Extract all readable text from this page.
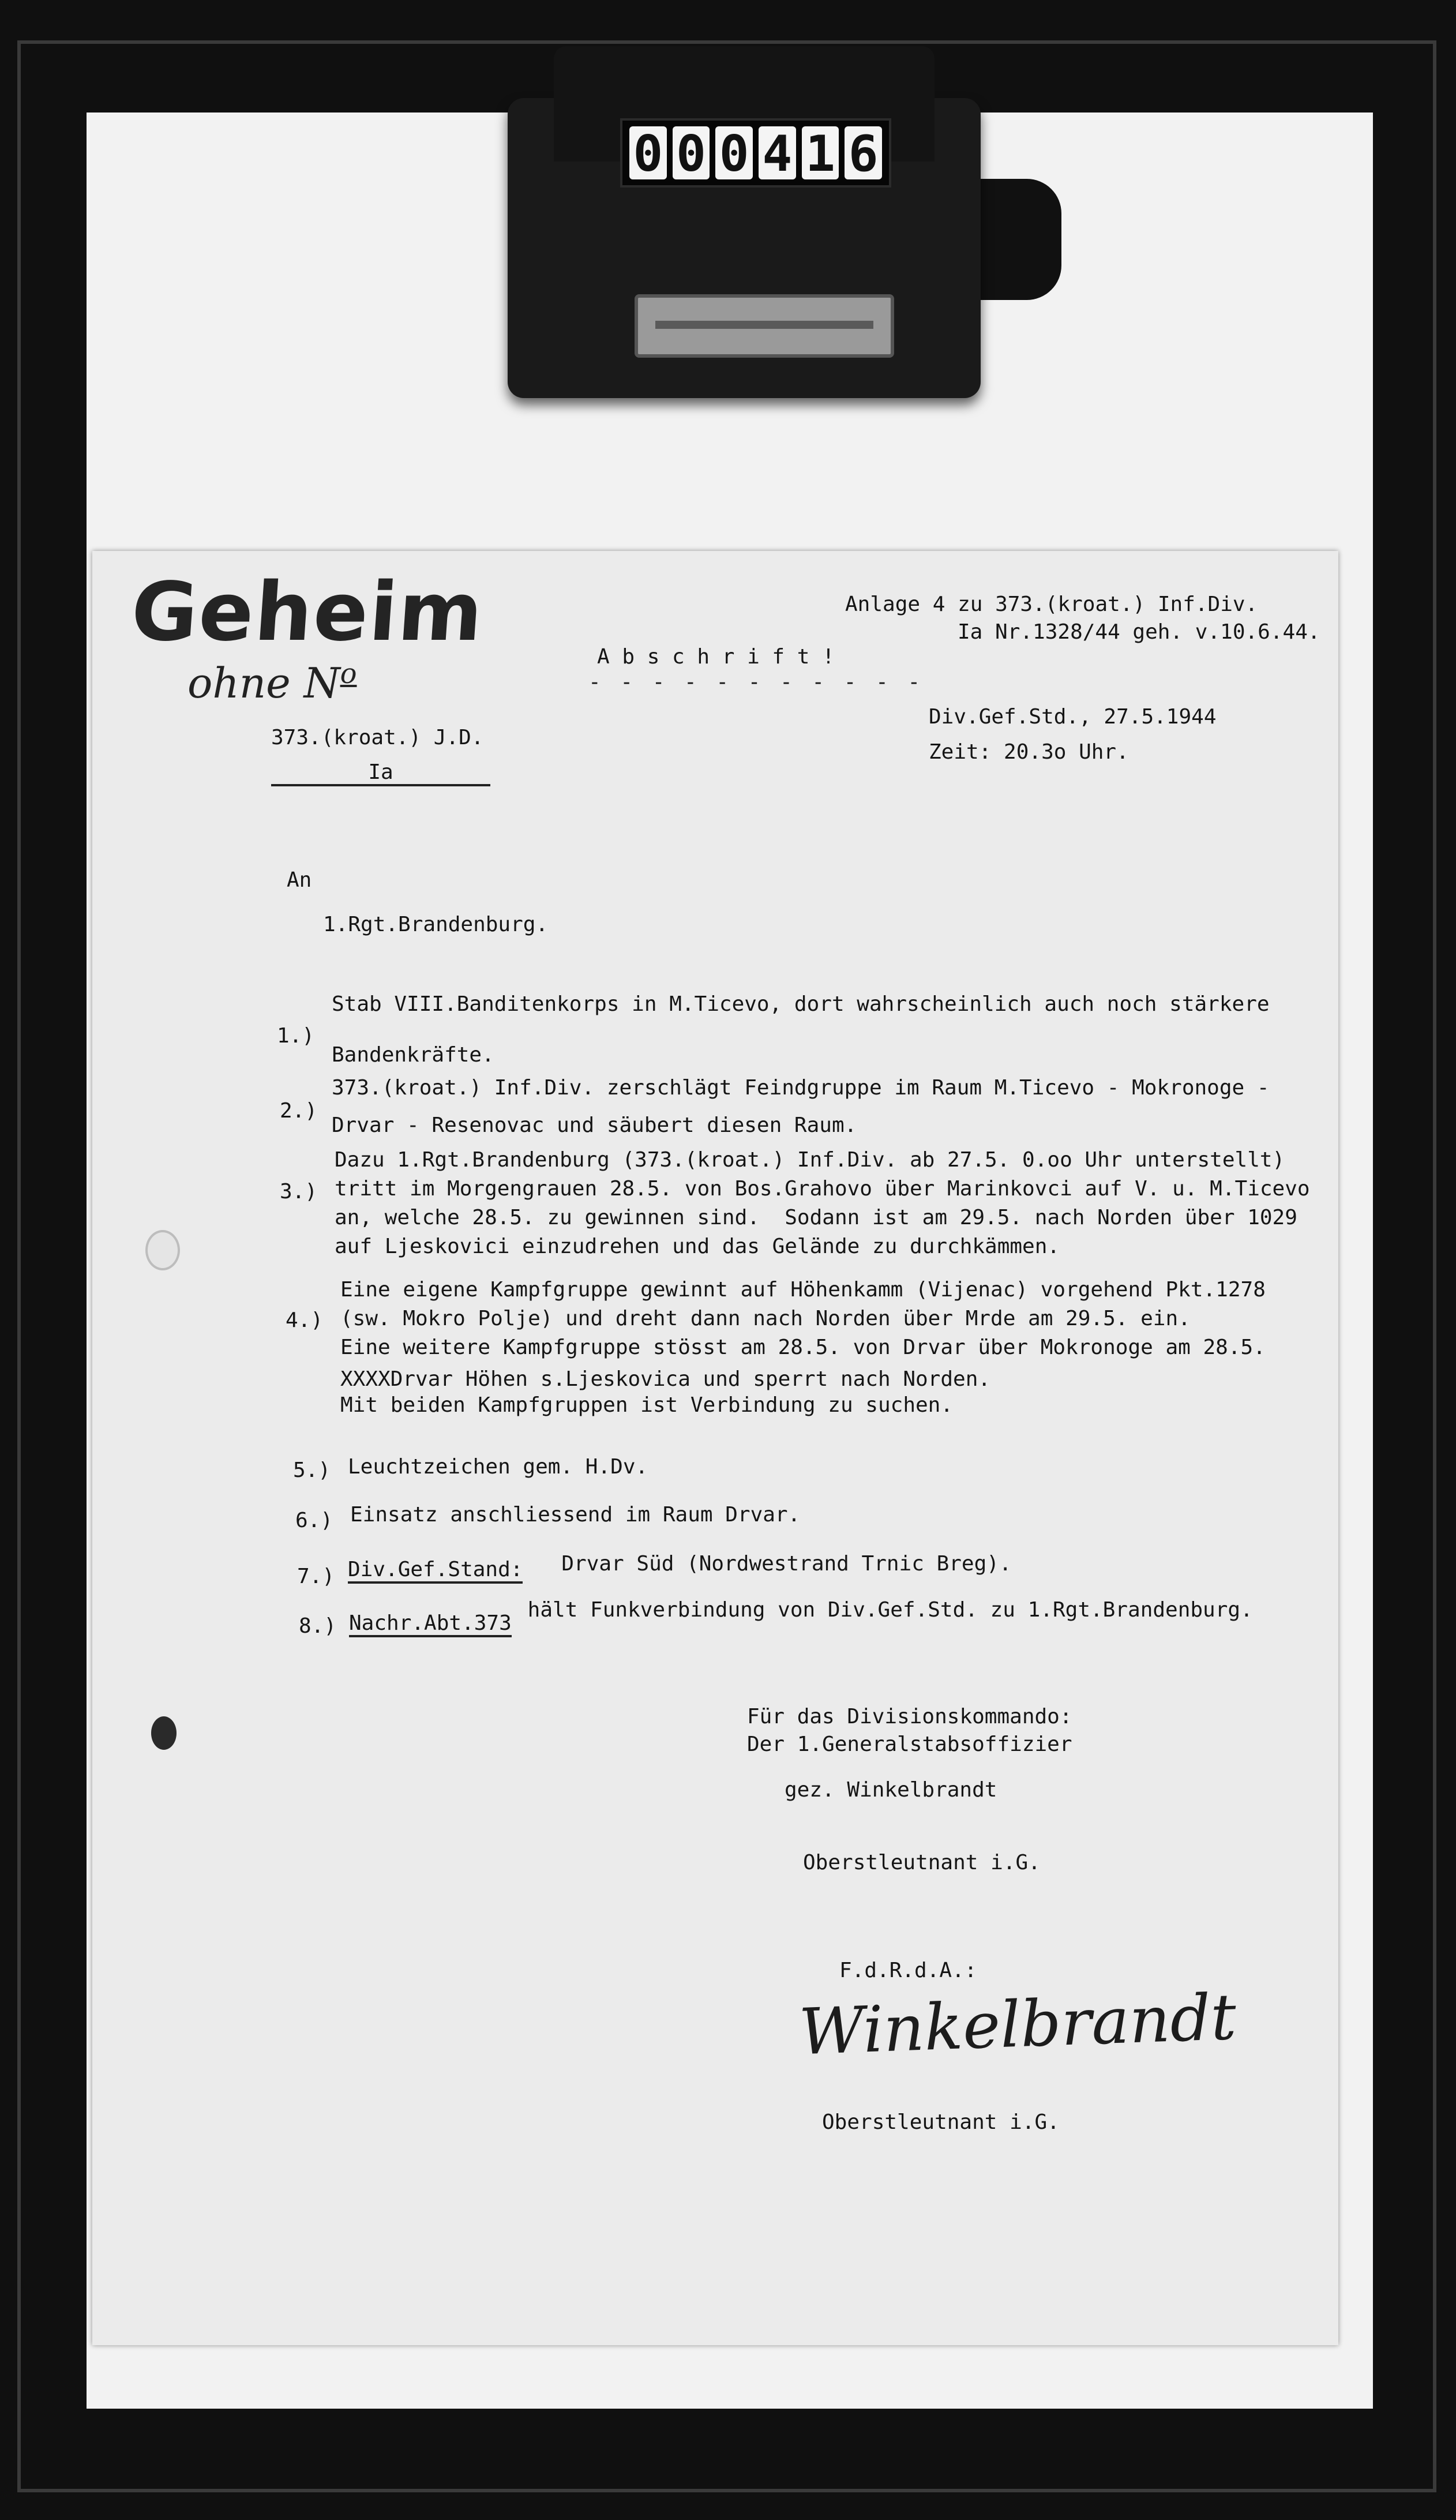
0 0 0 4 1 6
Geheim
ohne $N^o$
Anlage 4 zu 373.(kroat.) Inf.Div.
Ia Nr.1328/44 geh. v.10.6.44.
A b s c h r i f t !
- - - - - - - - - - -
373.(kroat.) J.D.
Ia
Div.Gef.Std., 27.5.1944
Zeit: 20.3o Uhr.
An
1.Rgt.Brandenburg.
1.)
Stab VIII.Banditenkorps in M.Ticevo, dort wahrscheinlich auch noch stärkere
Bandenkräfte.
2.)
373.(kroat.) Inf.Div. zerschlägt Feindgruppe im Raum M.Ticevo - Mokronoge -
Drvar - Resenovac und säubert diesen Raum.
3.)
Dazu 1.Rgt.Brandenburg (373.(kroat.) Inf.Div. ab 27.5. 0.oo Uhr unterstellt)
tritt im Morgengrauen 28.5. von Bos.Grahovo über Marinkovci auf V. u. M.Ticevo
an, welche 28.5. zu gewinnen sind.  Sodann ist am 29.5. nach Norden über 1029
auf Ljeskovici einzudrehen und das Gelände zu durchkämmen.
4.)
Eine eigene Kampfgruppe gewinnt auf Höhenkamm (Vijenac) vorgehend Pkt.1278
(sw. Mokro Polje) und dreht dann nach Norden über Mrde am 29.5. ein.
Eine weitere Kampfgruppe stösst am 28.5. von Drvar über Mokronoge am 28.5.
XXXXDrvar Höhen s.Ljeskovica und sperrt nach Norden.
Mit beiden Kampfgruppen ist Verbindung zu suchen.
5.) Leuchtzeichen gem. H.Dv.
6.) Einsatz anschliessend im Raum Drvar.
7.) Div.Gef.Stand: Drvar Süd (Nordwestrand Trnic Breg).
8.) Nachr.Abt.373
hält Funkverbindung von Div.Gef.Std. zu 1.Rgt.Brandenburg.
Für das Divisionskommando:
Der 1.Generalstabsoffizier
gez. Winkelbrandt
Oberstleutnant i.G.
F.d.R.d.A.:
Winkelbrandt
Oberstleutnant i.G.
